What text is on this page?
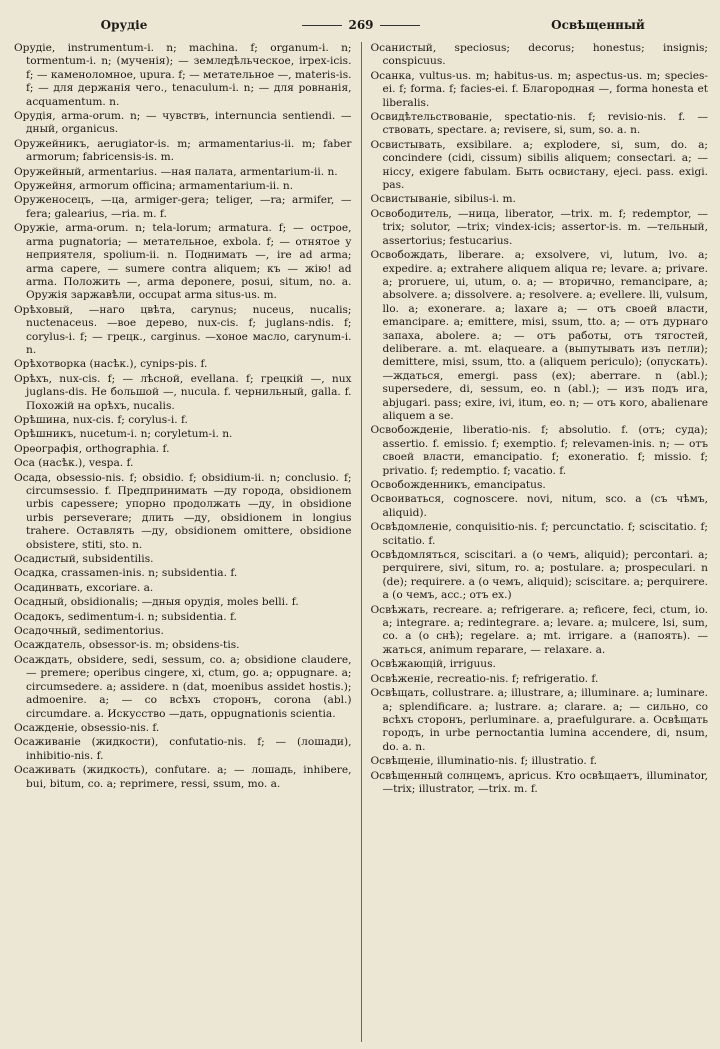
Орудіе	269	Освѣщенный

Орудіе, instrumentum-i. n; machina. f; organum-i. n; tormentum-i. n; (мученія); — земледѣльческое, irpex-icis. f; — каменоломное, upura. f; — метательное —, materis-is. f; — для держанія чего., tenaculum-i. n; — для ровнанія, acquamentum. n.

Орудія, arma-orum. n; — чувствъ, internuncia sentiendi. —дный, organicus.

Оружейникъ, aerugiator-is. m; armamentarius-ii. m; faber armorum; fabricensis-is. m.

Оружейный, armentarius. —ная палата, armentarium-ii. n.

Оружейня, armorum officina; armamentarium-ii. n.

Оруженосецъ, —ца, armiger-gera; teliger, —ra; armifer, —fera; galearius, —ria. m. f.

Оружіе, arma-orum. n; tela-lorum; armatura. f; — острое, arma pugnatoria; — метательное, exbola. f; — отнятое у неприятеля, spolium-ii. n. Поднимать —, ire ad arma; arma capere, — sumere contra aliquem; къ — жію! ad arma. Положить —, arma deponere, posui, situm, no. a. Оружія заржавѣли, occupat arma situs-us. m.

Орѣховый, —наго цвѣта, carynus; nuceus, nucalis; nuctenaceus. —вое дерево, nux-cis. f; juglans-ndis. f; corylus-i. f; — грецк., carginus. —хоное масло, carynum-i. n.

Орѣхотворка (насѣк.), cynips-pis. f.

Орѣхъ, nux-cis. f; — лѣсной, evellana. f; грецкій —, nux juglans-dis. Не большой —, nucula. f. чернильный, galla. f. Похожій на орѣхъ, nucalis.

Орѣшина, nux-cis. f; corylus-i. f.

Орѣшникъ, nucetum-i. n; coryletum-i. n.

Орѳографія, orthographia. f.

Оса (насѣк.), vespa. f.

Осада, obsessio-nis. f; obsidio. f; obsidium-ii. n; conclusio. f; circumsessio. f. Предпринимать —ду города, obsidionem urbis capessere; упорно продолжать —ду, in obsidione urbis perseverare; длить —ду, obsidionem in longius trahere. Оставлять —ду, obsidionem omittere, obsidione obsistere, stiti, sto. n.

Осадистый, subsidentilis.

Осадка, crassamen-inis. n; subsidentia. f.

Осадинвать, excoriare. a.

Осадный, obsidionalis; —дныя орудія, moles belli. f.

Осадокъ, sedimentum-i. n; subsidentia. f.

Осадочный, sedimentorius.

Осаждатель, obsessor-is. m; obsidens-tis.

Осаждать, obsidere, sedi, sessum, co. a; obsidione claudere, — premere; operibus cingere, xi, ctum, go. a; oppugnare. a; circumsedere. a; assidere. n (dat, moenibus assidet hostis.); admoenire. a; — со всѣхъ сторонъ, corona (abl.) circumdare. a. Искусство —дать, oppugnationis scientia.

Осажденіе, obsessio-nis. f.

Осаживаніе (жидкости), confutatio-nis. f; — (лошади), inhibitio-nis. f.

Осаживать (жидкость), confutare. a; — лошадь, inhibere, bui, bitum, co. a; reprimere, ressi, ssum, mo. a.

Осанистый, speciosus; decorus; honestus; insignis; conspicuus.

Осанка, vultus-us. m; habitus-us. m; aspectus-us. m; species-ei. f; forma. f; facies-ei. f. Благородная —, forma honesta et liberalis.

Освидѣтельствованіе, spectatio-nis. f; revisio-nis. f. —ствовать, spectare. a; revisere, si, sum, so. a. n.

Освистывать, exsibilare. a; explodere, si, sum, do. a; concindere (cidi, cissum) sibilis aliquem; consectari. a; — ніссу, exigere fabulam. Быть освистану, ejeci. pass. exigi. pas.

Освистываніе, sibilus-i. m.

Освободитель, —ница, liberator, —trix. m. f; redemptor, —trix; solutor, —trix; vindex-icis; assertor-is. m. —тельный, assertorius; festucarius.

Освобождать, liberare. a; exsolvere, vi, lutum, lvo. a; expedire. a; extrahere aliquem aliqua re; levare. a; privare. a; proruere, ui, utum, o. a; — вторично, remancipare, a; absolvere. a; dissolvere. a; resolvere. a; evellere. lli, vulsum, llo. a; exonerare. a; laxare a; — отъ своей власти, emancipare. a; emittere, misi, ssum, tto. a; — отъ дурнаго запаха, abolere. a; — отъ работы, отъ тягостей, deliberare. a. mt. elaqueare. a (выпутывать изъ петли); demittere, misi, ssum, tto. a (aliquem periculo); (опускать). —ждаться, emergi. pass (ex); aberrare. n (abl.); supersedere, di, sessum, eo. n (abl.); — изъ подъ ига, abjugari. pass; exire, ivi, itum, eo. n; — отъ кого, abalienare aliquem a se.

Освобожденіе, liberatio-nis. f; absolutio. f. (отъ; суда); assertio. f. emissio. f; exemptio. f; relevamen-inis. n; — отъ своей власти, emancipatio. f; exoneratio. f; missio. f; privatio. f; redemptio. f; vacatio. f.

Освобожденникъ, emancipatus.

Освоиваться, cognoscere. novi, nitum, sco. a (съ чѣмъ, aliquid).

Освѣдомленіе, conquisitio-nis. f; percunctatio. f; sciscitatio. f; scitatio. f.

Освѣдомляться, sciscitari. a (о чемъ, aliquid); percontari. a; perquirere, sivi, situm, ro. a; postulare. a; prospeculari. n (de); requirere. a (о чемъ, aliquid); sciscitare. a; perquirere. a (о чемъ, acc.; отъ ex.)

Освѣжать, recreare. a; refrigerare. a; reficere, feci, ctum, io. a; integrare. a; redintegrare. a; levare. a; mulcere, lsi, sum, co. a (о снѣ); regelare. a; mt. irrigare. a (напоять). —жаться, animum reparare, — relaxare. a.

Освѣжающій, irriguus.

Освѣженіе, recreatio-nis. f; refrigeratio. f.

Освѣщать, collustrare. a; illustrare, a; illuminare. a; luminare. a; splendificare. a; lustrare. a; clarare. a; — сильно, со всѣхъ сторонъ, perluminare. a, praefulgurare. a. Освѣщать городъ, in urbe pernoctantia lumina accendere, di, nsum, do. a. n.

Освѣщеніе, illuminatio-nis. f; illustratio. f.

Освѣщенный солнцемъ, apricus. Кто освѣщаетъ, illuminator, —trix; illustrator, —trix. m. f.
